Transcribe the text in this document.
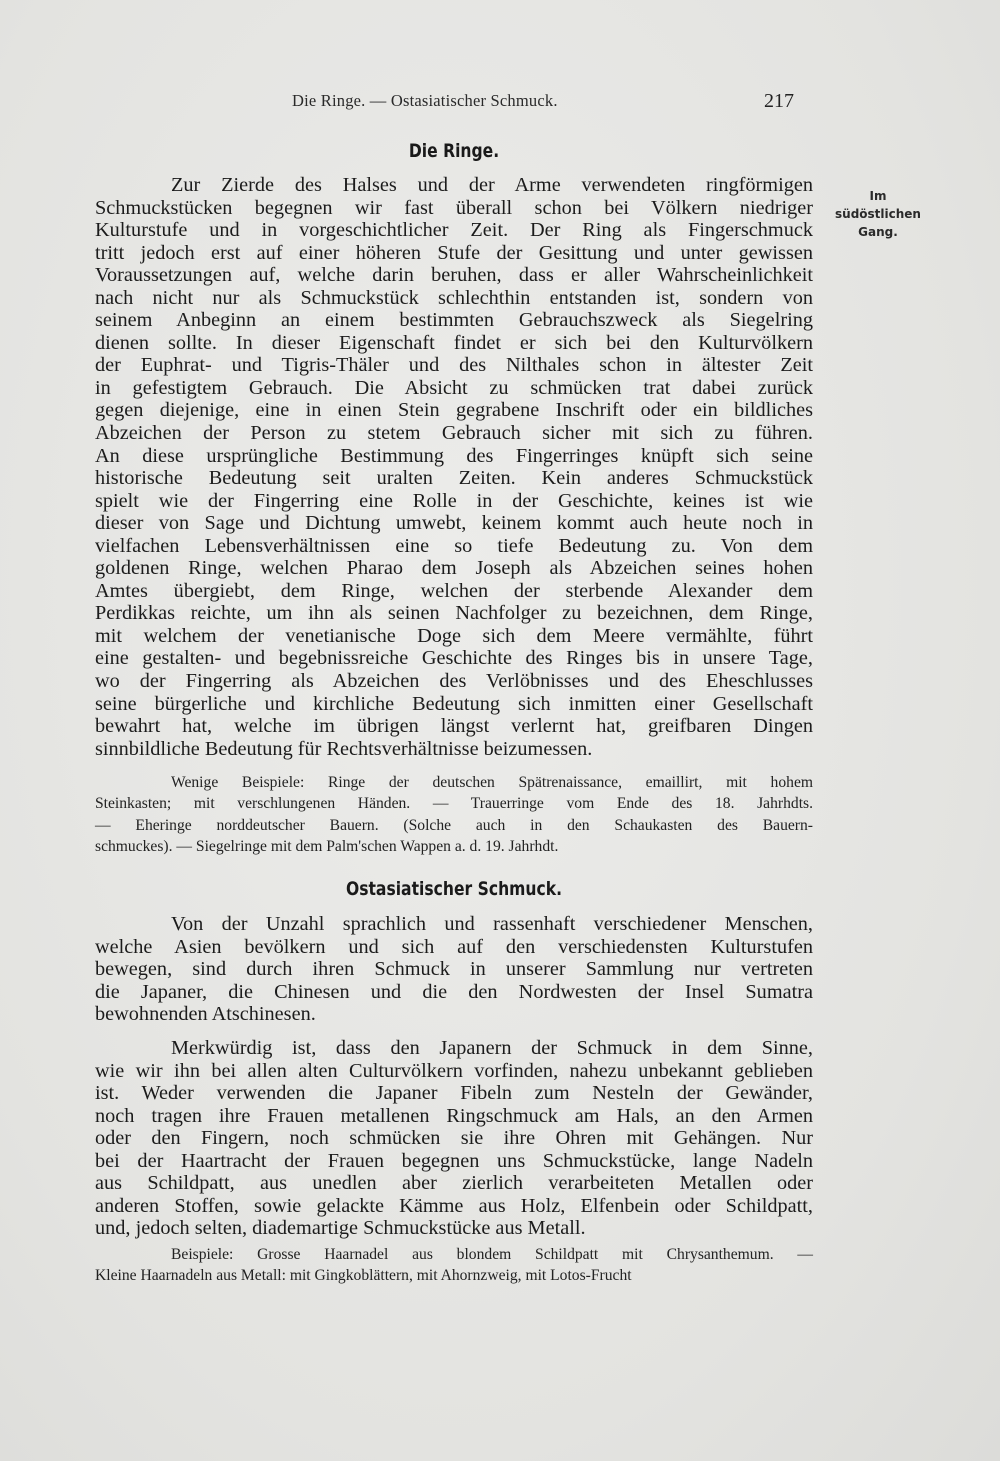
Die Ringe. — Ostasiatischer Schmuck.	217
Im
südöstlichen
Gang.
Die Ringe.
Zur Zierde des Halses und der Arme verwendeten ringförmigen
Schmuckstücken begegnen wir fast überall schon bei Völkern niedriger
Kulturstufe und in vorgeschichtlicher Zeit. Der Ring als Fingerschmuck
tritt jedoch erst auf einer höheren Stufe der Gesittung und unter gewissen
Voraussetzungen auf, welche darin beruhen, dass er aller Wahrscheinlichkeit
nach nicht nur als Schmuckstück schlechthin entstanden ist, sondern von
seinem Anbeginn an einem bestimmten Gebrauchszweck als Siegelring
dienen sollte. In dieser Eigenschaft findet er sich bei den Kulturvölkern
der Euphrat- und Tigris-Thäler und des Nilthales schon in ältester Zeit
in gefestigtem Gebrauch. Die Absicht zu schmücken trat dabei zurück
gegen diejenige, eine in einen Stein gegrabene Inschrift oder ein bildliches
Abzeichen der Person zu stetem Gebrauch sicher mit sich zu führen.
An diese ursprüngliche Bestimmung des Fingerringes knüpft sich seine
historische Bedeutung seit uralten Zeiten. Kein anderes Schmuckstück
spielt wie der Fingerring eine Rolle in der Geschichte, keines ist wie
dieser von Sage und Dichtung umwebt, keinem kommt auch heute noch in
vielfachen Lebensverhältnissen eine so tiefe Bedeutung zu. Von dem
goldenen Ringe, welchen Pharao dem Joseph als Abzeichen seines hohen
Amtes übergiebt, dem Ringe, welchen der sterbende Alexander dem
Perdikkas reichte, um ihn als seinen Nachfolger zu bezeichnen, dem Ringe,
mit welchem der venetianische Doge sich dem Meere vermählte, führt
eine gestalten- und begebnissreiche Geschichte des Ringes bis in unsere Tage,
wo der Fingerring als Abzeichen des Verlöbnisses und des Eheschlusses
seine bürgerliche und kirchliche Bedeutung sich inmitten einer Gesellschaft
bewahrt hat, welche im übrigen längst verlernt hat, greifbaren Dingen
sinnbildliche Bedeutung für Rechtsverhältnisse beizumessen.
Wenige Beispiele: Ringe der deutschen Spätrenaissance, emaillirt, mit hohem
Steinkasten; mit verschlungenen Händen. — Trauerringe vom Ende des 18. Jahrhdts.
— Eheringe norddeutscher Bauern. (Solche auch in den Schaukasten des Bauern-
schmuckes). — Siegelringe mit dem Palm'schen Wappen a. d. 19. Jahrhdt.
Ostasiatischer Schmuck.
Von der Unzahl sprachlich und rassenhaft verschiedener Menschen,
welche Asien bevölkern und sich auf den verschiedensten Kulturstufen
bewegen, sind durch ihren Schmuck in unserer Sammlung nur vertreten
die Japaner, die Chinesen und die den Nordwesten der Insel Sumatra
bewohnenden Atschinesen.
Merkwürdig ist, dass den Japanern der Schmuck in dem Sinne,
wie wir ihn bei allen alten Culturvölkern vorfinden, nahezu unbekannt geblieben
ist. Weder verwenden die Japaner Fibeln zum Nesteln der Gewänder,
noch tragen ihre Frauen metallenen Ringschmuck am Hals, an den Armen
oder den Fingern, noch schmücken sie ihre Ohren mit Gehängen. Nur
bei der Haartracht der Frauen begegnen uns Schmuckstücke, lange Nadeln
aus Schildpatt, aus unedlen aber zierlich verarbeiteten Metallen oder
anderen Stoffen, sowie gelackte Kämme aus Holz, Elfenbein oder Schildpatt,
und, jedoch selten, diademartige Schmuckstücke aus Metall.
Beispiele: Grosse Haarnadel aus blondem Schildpatt mit Chrysanthemum. —
Kleine Haarnadeln aus Metall: mit Gingkoblättern, mit Ahornzweig, mit Lotos-Frucht
